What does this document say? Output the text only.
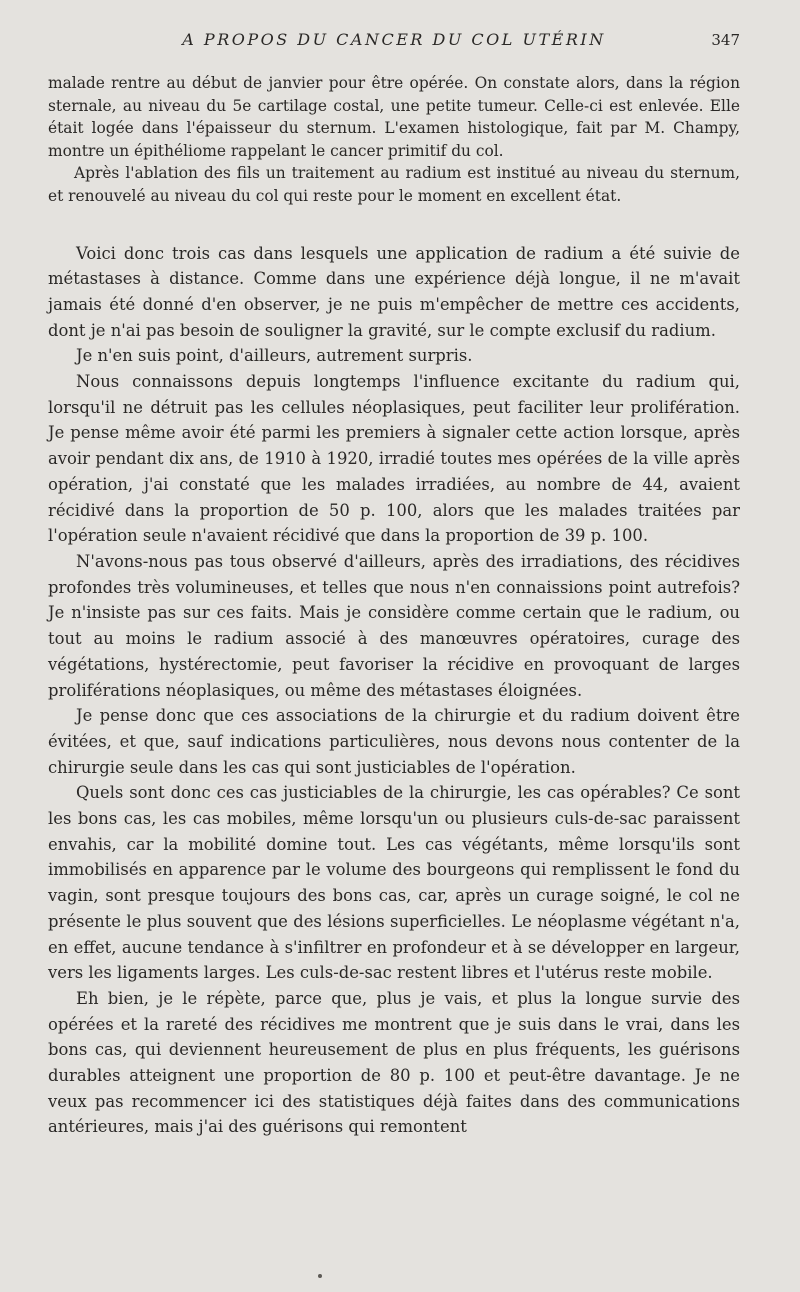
A PROPOS DU CANCER DU COL UTÉRIN	347

malade rentre au début de janvier pour être opérée. On constate alors, dans la région sternale, au niveau du 5e cartilage costal, une petite tumeur. Celle-ci est enlevée. Elle était logée dans l'épaisseur du sternum. L'examen histologique, fait par M. Champy, montre un épithéliome rappelant le cancer primitif du col.

Après l'ablation des fils un traitement au radium est institué au niveau du sternum, et renouvelé au niveau du col qui reste pour le moment en excellent état.

Voici donc trois cas dans lesquels une application de radium a été suivie de métastases à distance. Comme dans une expérience déjà longue, il ne m'avait jamais été donné d'en observer, je ne puis m'empêcher de mettre ces accidents, dont je n'ai pas besoin de souligner la gravité, sur le compte exclusif du radium.

Je n'en suis point, d'ailleurs, autrement surpris.

Nous connaissons depuis longtemps l'influence excitante du radium qui, lorsqu'il ne détruit pas les cellules néoplasiques, peut faciliter leur prolifération. Je pense même avoir été parmi les premiers à signaler cette action lorsque, après avoir pendant dix ans, de 1910 à 1920, irradié toutes mes opérées de la ville après opération, j'ai constaté que les malades irradiées, au nombre de 44, avaient récidivé dans la proportion de 50 p. 100, alors que les malades traitées par l'opération seule n'avaient récidivé que dans la proportion de 39 p. 100.

N'avons-nous pas tous observé d'ailleurs, après des irradiations, des récidives profondes très volumineuses, et telles que nous n'en connaissions point autrefois? Je n'insiste pas sur ces faits. Mais je considère comme certain que le radium, ou tout au moins le radium associé à des manœuvres opératoires, curage des végétations, hystérectomie, peut favoriser la récidive en provoquant de larges proliférations néoplasiques, ou même des métastases éloignées.

Je pense donc que ces associations de la chirurgie et du radium doivent être évitées, et que, sauf indications particulières, nous devons nous contenter de la chirurgie seule dans les cas qui sont justiciables de l'opération.

Quels sont donc ces cas justiciables de la chirurgie, les cas opérables? Ce sont les bons cas, les cas mobiles, même lorsqu'un ou plusieurs culs-de-sac paraissent envahis, car la mobilité domine tout. Les cas végétants, même lorsqu'ils sont immobilisés en apparence par le volume des bourgeons qui remplissent le fond du vagin, sont presque toujours des bons cas, car, après un curage soigné, le col ne présente le plus souvent que des lésions superficielles. Le néoplasme végétant n'a, en effet, aucune tendance à s'infiltrer en profondeur et à se développer en largeur, vers les ligaments larges. Les culs-de-sac restent libres et l'utérus reste mobile.

Eh bien, je le répète, parce que, plus je vais, et plus la longue survie des opérées et la rareté des récidives me montrent que je suis dans le vrai, dans les bons cas, qui deviennent heureusement de plus en plus fréquents, les guérisons durables atteignent une proportion de 80 p. 100 et peut-être davantage. Je ne veux pas recommencer ici des statistiques déjà faites dans des communications antérieures, mais j'ai des guérisons qui remontent
